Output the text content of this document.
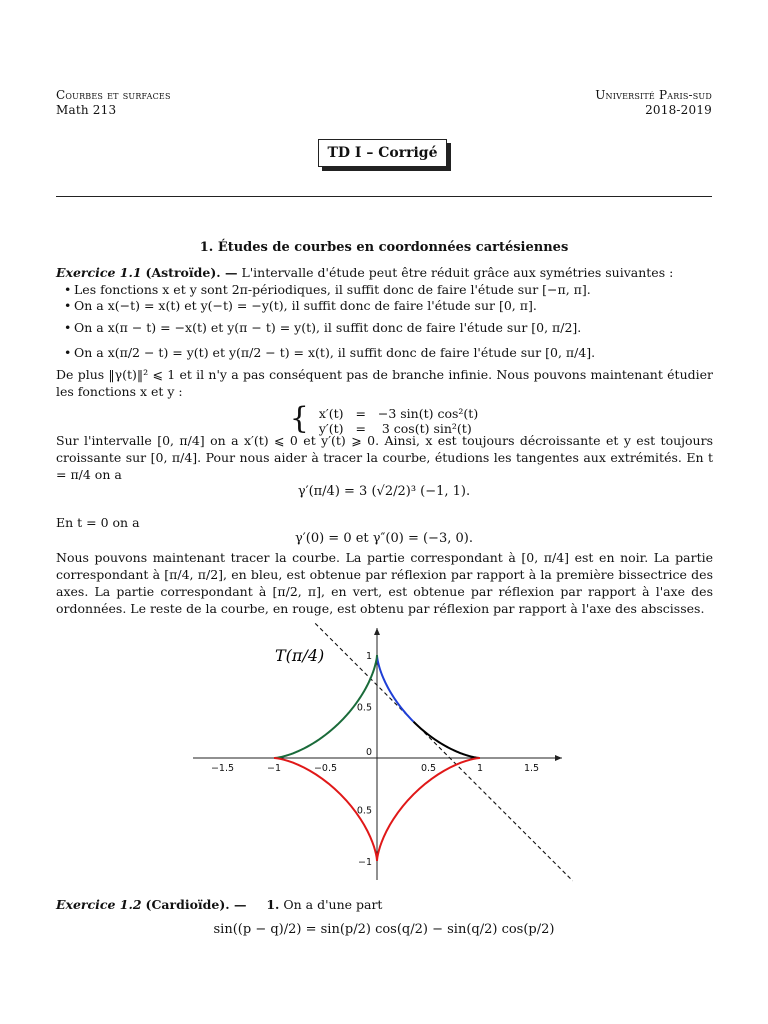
Courbes et surfaces
Math 213
Université Paris-sud
2018-2019
TD I – Corrigé
1. Études de courbes en coordonnées cartésiennes
Exercice 1.1 (Astroïde). — L'intervalle d'étude peut être réduit grâce aux symétries suivantes :
• Les fonctions x et y sont 2π-périodiques, il suffit donc de faire l'étude sur [−π, π].
• On a x(−t) = x(t) et y(−t) = −y(t), il suffit donc de faire l'étude sur [0, π].
• On a x(π − t) = −x(t) et y(π − t) = y(t), il suffit donc de faire l'étude sur [0, π/2].
• On a x(π/2 − t) = y(t) et y(π/2 − t) = x(t), il suffit donc de faire l'étude sur [0, π/4].
De plus ‖γ(t)‖² ⩽ 1 et il n'y a pas conséquent pas de branche infinie. Nous pouvons maintenant étudier les fonctions x et y :
{ x′(t)   =   −3 sin(t) cos²(t)
y′(t)   =    3 cos(t) sin²(t)
Sur l'intervalle [0, π/4] on a x′(t) ⩽ 0 et y′(t) ⩾ 0. Ainsi, x est toujours décroissante et y est toujours croissante sur [0, π/4]. Pour nous aider à tracer la courbe, étudions les tangentes aux extrémités. En t = π/4 on a
γ′(π/4) = 3 (√2/2)³ (−1, 1).
En t = 0 on a
γ′(0) = 0 et γ″(0) = (−3, 0).
Nous pouvons maintenant tracer la courbe. La partie correspondant à [0, π/4] est en noir. La partie correspondant à [π/4, π/2], en bleu, est obtenue par réflexion par rapport à la première bissectrice des axes. La partie correspondant à [π/2, π], en vert, est obtenue par réflexion par rapport à l'axe des ordonnées. Le reste de la courbe, en rouge, est obtenu par réflexion par rapport à l'axe des abscisses.
−1.5	−1	−0.5	0.5	1	1.5
1
0.5
0
0.5
−1
T(π/4)
Exercice 1.2 (Cardioïde). — 1. On a d'une part
sin((p − q)/2) = sin(p/2) cos(q/2) − sin(q/2) cos(p/2)
